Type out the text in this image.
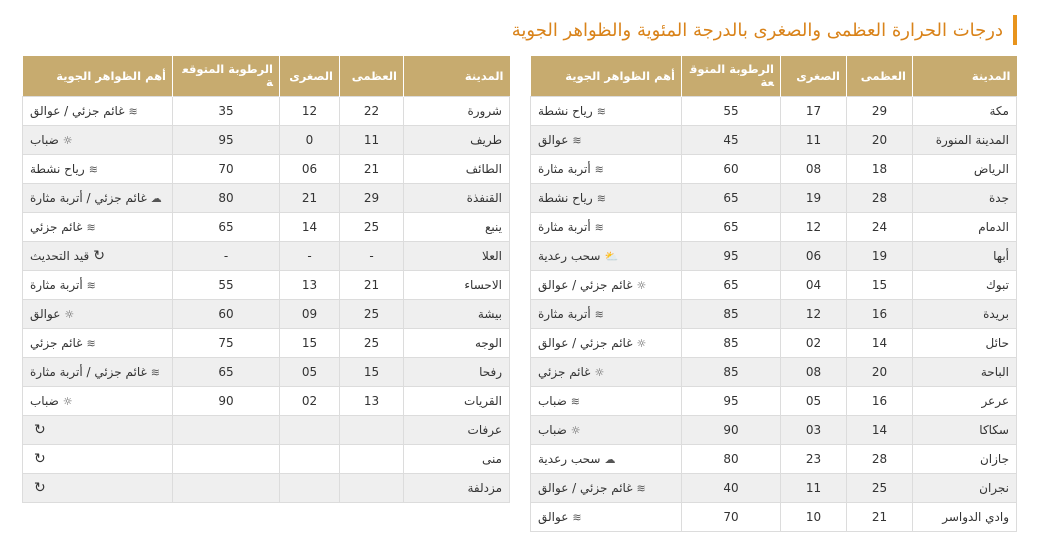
درجات الحرارة العظمى والصغرى بالدرجة المئوية والظواهر الجوية
المدينة	العظمى	الصغرى	الرطوبة المتوقعة	أهم الظواهر الجوية
مكة	29	17	55	≋رياح نشطة
المدينة المنورة	20	11	45	≋عوالق
الرياض	18	08	60	≋أتربة مثارة
جدة	28	19	65	≋رياح نشطة
الدمام	24	12	65	≋أتربة مثارة
أبها	19	06	95	⛅سحب رعدية
تبوك	15	04	65	☼غائم جزئي / عوالق
بريدة	16	12	85	≋أتربة مثارة
حائل	14	02	85	☼غائم جزئي / عوالق
الباحة	20	08	85	☼غائم جزئي
عرعر	16	05	95	≋ضباب
سكاكا	14	03	90	☼ضباب
جازان	28	23	80	☁سحب رعدية
نجران	25	11	40	≋غائم جزئي / عوالق
وادي الدواسر	21	10	70	≋عوالق
المدينة	العظمى	الصغرى	الرطوبة المتوقعة	أهم الظواهر الجوية
شرورة	22	12	35	≋غائم جزئي / عوالق
طريف	11	0	95	☼ضباب
الطائف	21	06	70	≋رياح نشطة
القنفذة	29	21	80	☁غائم جزئي / أتربة مثارة
ينبع	25	14	65	≋غائم جزئي
العلا	-	-	-	↻قيد التحديث
الاحساء	21	13	55	≋أتربة مثارة
بيشة	25	09	60	☼عوالق
الوجه	25	15	75	≋غائم جزئي
رفحا	15	05	65	≋غائم جزئي / أتربة مثارة
القريات	13	02	90	☼ضباب
عرفات				↻
منى				↻
مزدلفة				↻
